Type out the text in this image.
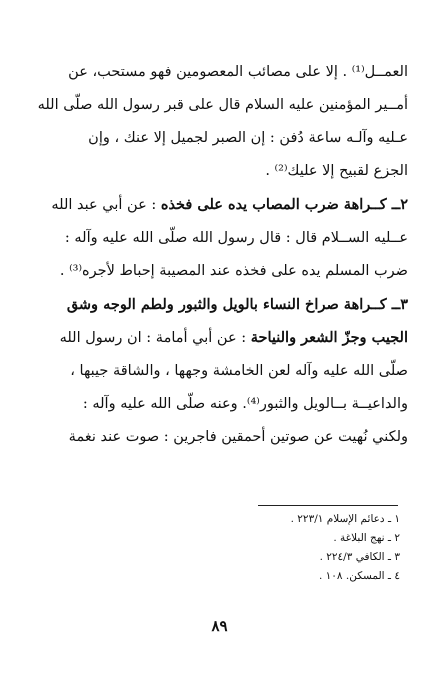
العمــل⁽¹⁾ . إلا على مصائب المعصومين فهو مستحب، عن
أمــير المؤمنين عليه السلام قال على قبر رسول الله صلّى الله
عـليه وآلـه ساعة دُفن : إن الصبر لجميل إلا عنك ، وإن
الجزع لقبيح إلا عليك⁽²⁾ .
٢ــ كــراهة ضرب المصاب يده على فخذه : عن أبي عبد الله
عــليه الســلام قال : قال رسول الله صلّى الله عليه وآله :
ضرب المسلم يده على فخذه عند المصيبة إحباط لأجره⁽³⁾ .
٣ــ كــراهة صراخ النساء بالويل والثبور ولطم الوجه وشق
الجيب وجزّ الشعر والنياحة : عن أبي أمامة : ان رسول الله
صلّى الله عليه وآله لعن الخامشة وجهها ، والشاقة جيبها ،
والداعيــة بــالويل والثبور⁽⁴⁾. وعنه صلّى الله عليه وآله :
ولكني نُهيت عن صوتين أحمقين فاجرين : صوت عند نغمة
١ ـ دعائم الإسلام ٢٢٣/١ .
٢ ـ نهج البلاغة .
٣ ـ الكافي ٢٢٤/٣ .
٤ ـ المسكن. ١٠٨ .
٨٩
